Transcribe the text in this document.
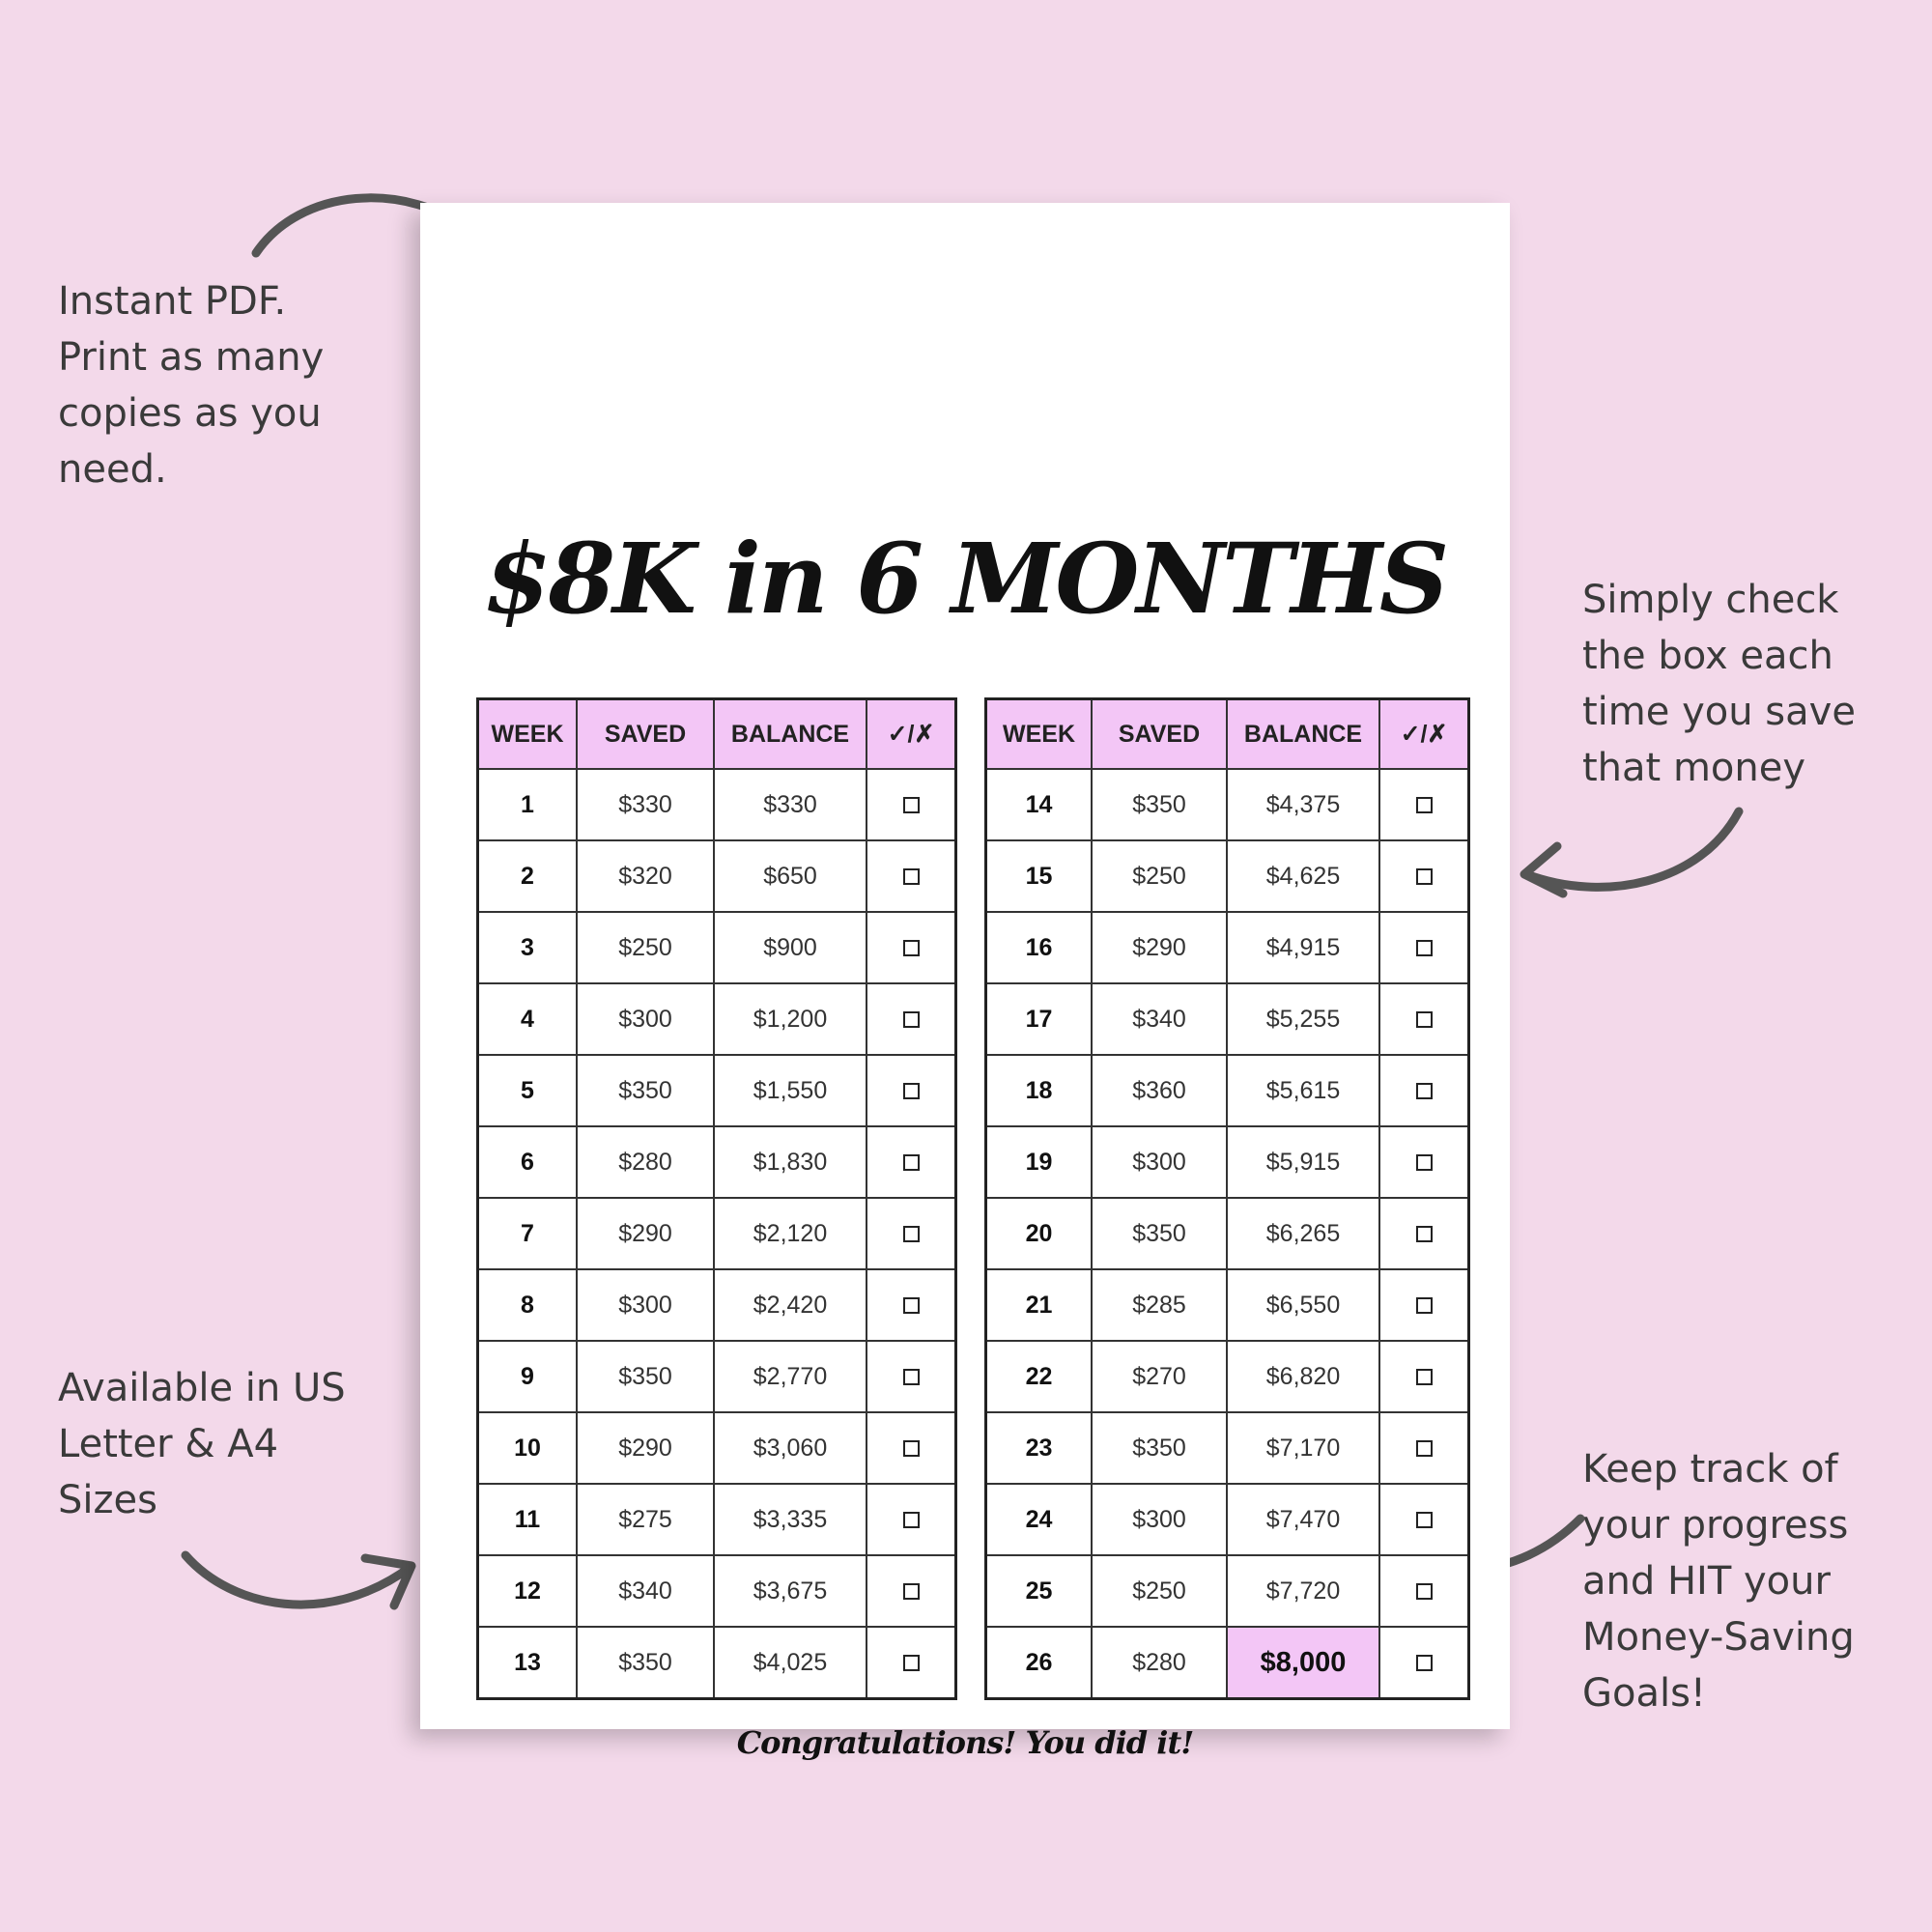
Instant PDF.
Print as many
copies as you
need.
Simply check
the box each
time you save
that money
Available in US
Letter & A4
Sizes
Keep track of
your progress
and HIT your
Money-Saving
Goals!
$8K in 6 MONTHS
WEEK	SAVED	BALANCE	✓/✗
1	$330	$330	
2	$320	$650	
3	$250	$900	
4	$300	$1,200	
5	$350	$1,550	
6	$280	$1,830	
7	$290	$2,120	
8	$300	$2,420	
9	$350	$2,770	
10	$290	$3,060	
11	$275	$3,335	
12	$340	$3,675	
13	$350	$4,025	
WEEK	SAVED	BALANCE	✓/✗
14	$350	$4,375	
15	$250	$4,625	
16	$290	$4,915	
17	$340	$5,255	
18	$360	$5,615	
19	$300	$5,915	
20	$350	$6,265	
21	$285	$6,550	
22	$270	$6,820	
23	$350	$7,170	
24	$300	$7,470	
25	$250	$7,720	
26	$280	$8,000	
Congratulations! You did it!
